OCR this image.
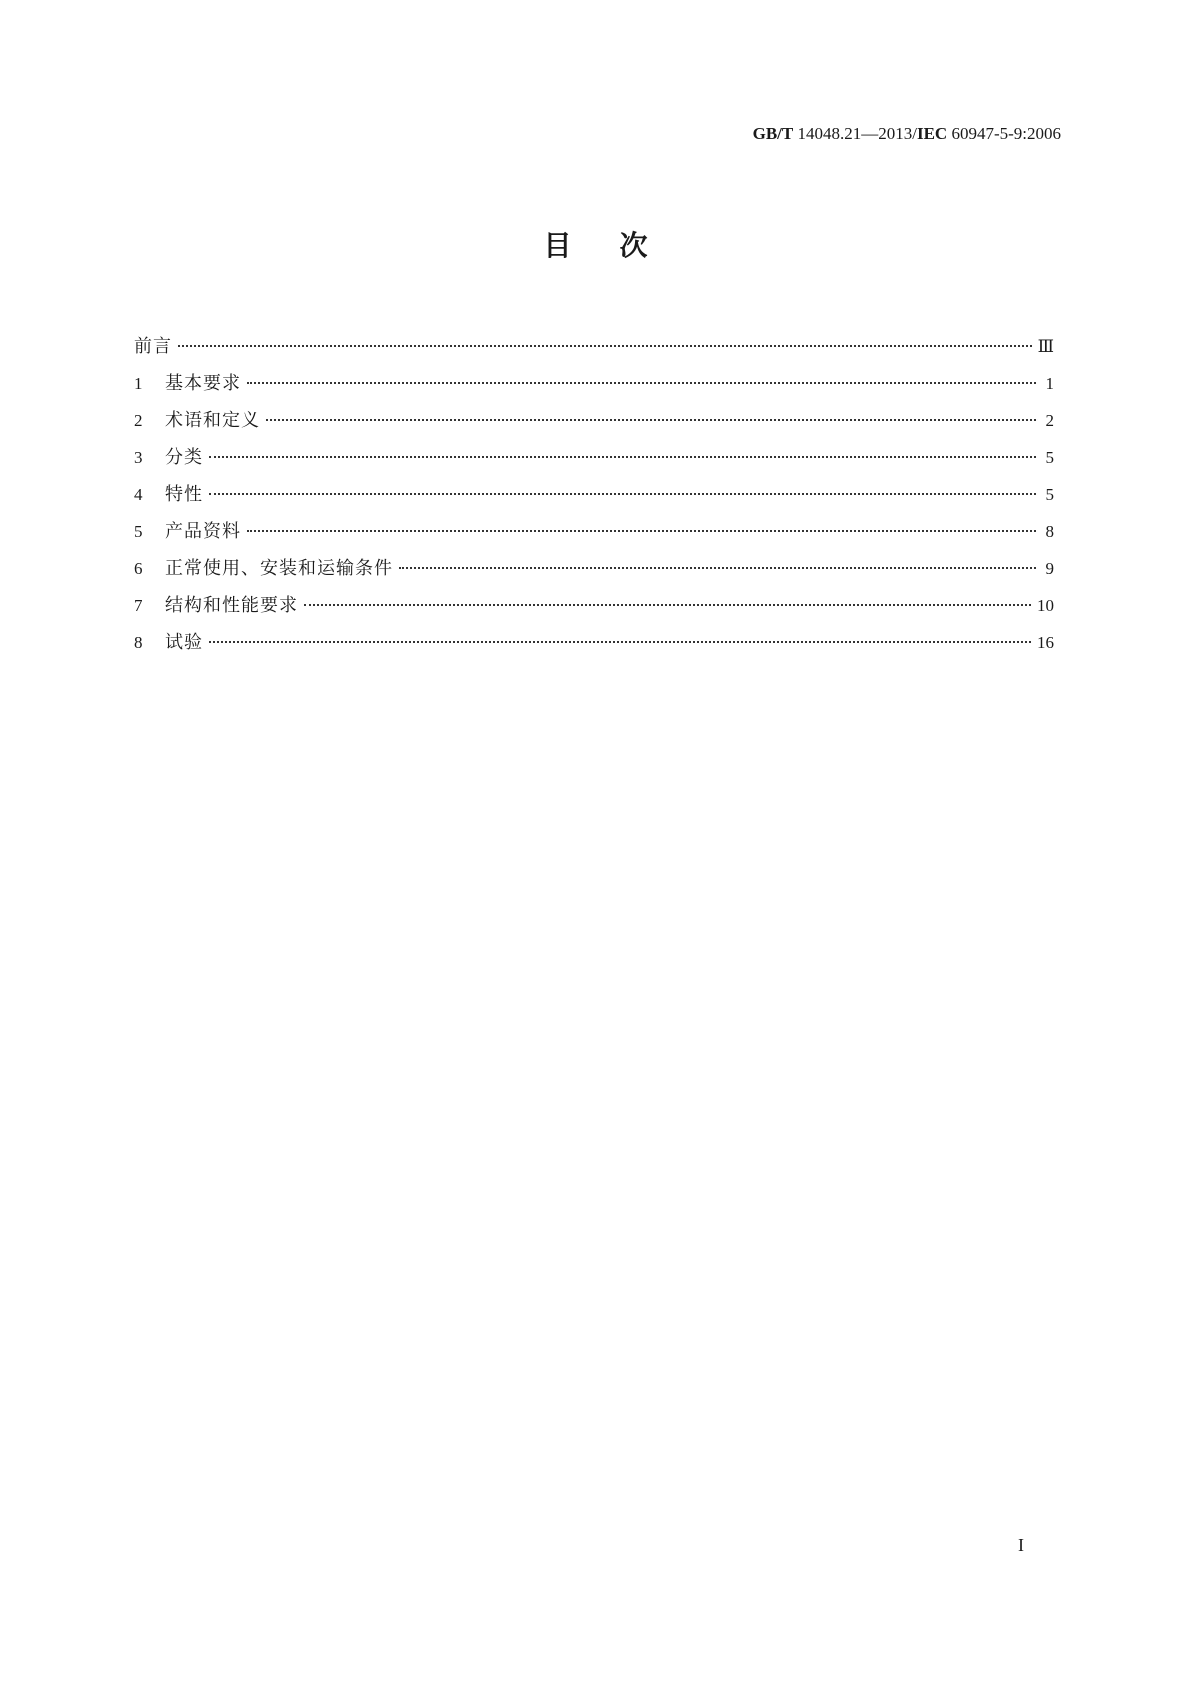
GB/T 14048.21—2013/IEC 60947-5-9:2006
目次
前言	Ⅲ
1	基本要求	1
2	术语和定义	2
3	分类	5
4	特性	5
5	产品资料	8
6	正常使用、安装和运输条件	9
7	结构和性能要求	10
8	试验	16
I
